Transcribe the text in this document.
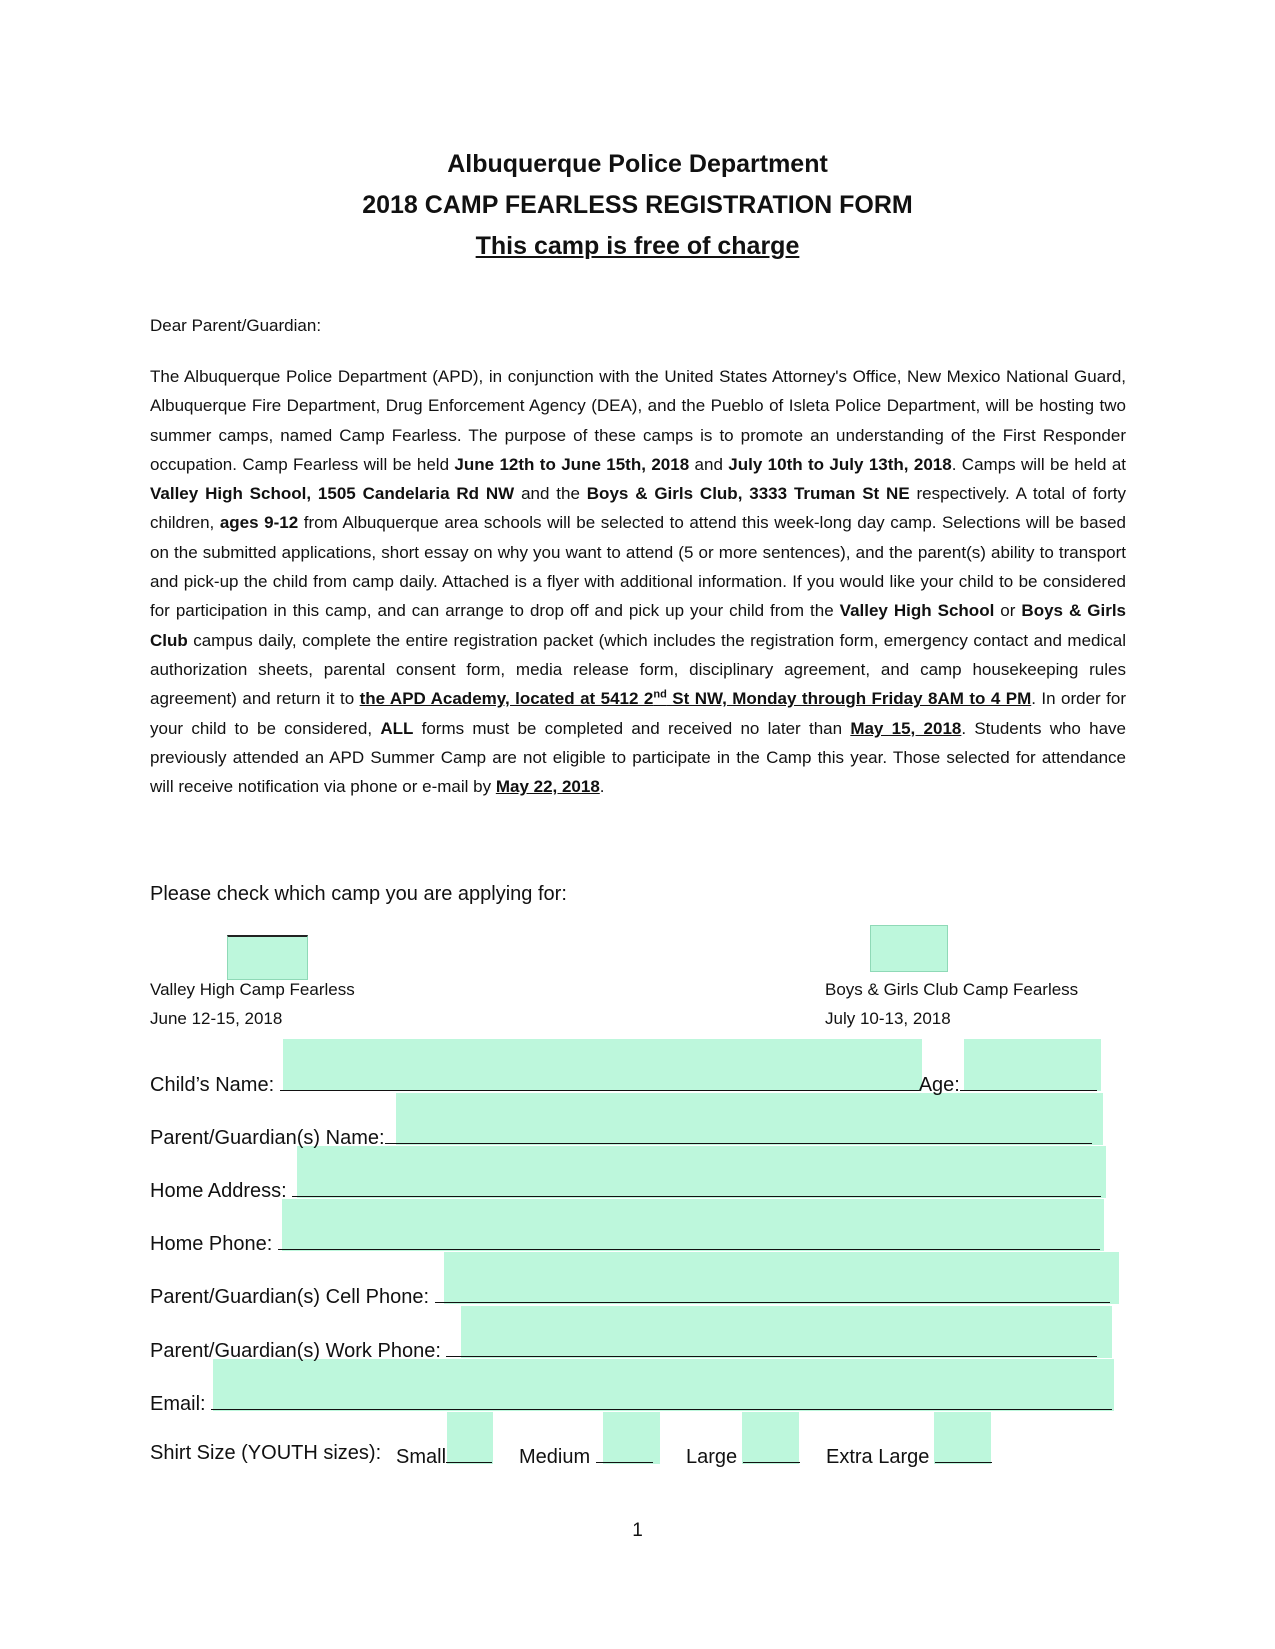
Albuquerque Police Department
2018 CAMP FEARLESS REGISTRATION FORM
This camp is free of charge
Dear Parent/Guardian:
The Albuquerque Police Department (APD), in conjunction with the United States Attorney's Office, New Mexico National Guard, Albuquerque Fire Department, Drug Enforcement Agency (DEA), and the Pueblo of Isleta Police Department, will be hosting two summer camps, named Camp Fearless. The purpose of these camps is to promote an understanding of the First Responder occupation. Camp Fearless will be held June 12th to June 15th, 2018 and July 10th to July 13th, 2018. Camps will be held at Valley High School, 1505 Candelaria Rd NW and the Boys & Girls Club, 3333 Truman St NE respectively. A total of forty children, ages 9-12 from Albuquerque area schools will be selected to attend this week-long day camp. Selections will be based on the submitted applications, short essay on why you want to attend (5 or more sentences), and the parent(s) ability to transport and pick-up the child from camp daily. Attached is a flyer with additional information. If you would like your child to be considered for participation in this camp, and can arrange to drop off and pick up your child from the Valley High School or Boys & Girls Club campus daily, complete the entire registration packet (which includes the registration form, emergency contact and medical authorization sheets, parental consent form, media release form, disciplinary agreement, and camp housekeeping rules agreement) and return it to the APD Academy, located at 5412 2nd St NW, Monday through Friday 8AM to 4 PM. In order for your child to be considered, ALL forms must be completed and received no later than May 15, 2018. Students who have previously attended an APD Summer Camp are not eligible to participate in the Camp this year. Those selected for attendance will receive notification via phone or e-mail by May 22, 2018.
Please check which camp you are applying for:
Valley High Camp Fearless
June 12-15, 2018
Boys & Girls Club Camp Fearless
July 10-13, 2018
Child’s Name:	Age:
Parent/Guardian(s) Name:
Home Address:
Home Phone:
Parent/Guardian(s) Cell Phone:
Parent/Guardian(s) Work Phone:
Email:
Shirt Size (YOUTH sizes): Small	Medium	Large	Extra Large
1
